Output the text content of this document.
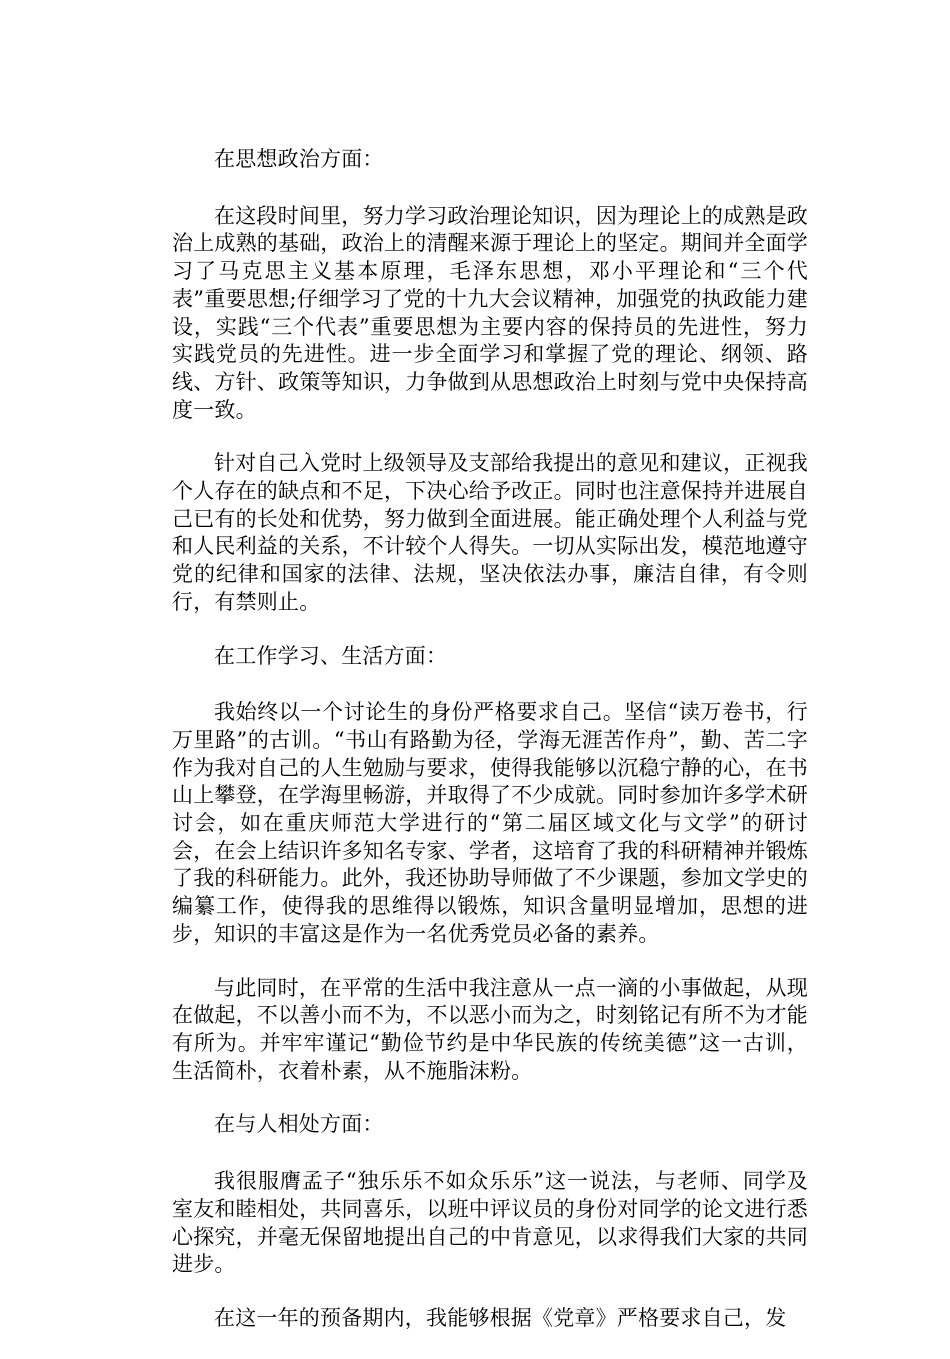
在思想政治方面：

在这段时间里，努力学习政治理论知识，因为理论上的成熟是政治上成熟的基础，政治上的清醒来源于理论上的坚定。期间并全面学习了马克思主义基本原理，毛泽东思想，邓小平理论和“三个代表”重要思想;仔细学习了党的十九大会议精神，加强党的执政能力建设，实践“三个代表”重要思想为主要内容的保持员的先进性，努力实践党员的先进性。进一步全面学习和掌握了党的理论、纲领、路线、方针、政策等知识，力争做到从思想政治上时刻与党中央保持高度一致。

针对自己入党时上级领导及支部给我提出的意见和建议，正视我个人存在的缺点和不足，下决心给予改正。同时也注意保持并进展自己已有的长处和优势，努力做到全面进展。能正确处理个人利益与党和人民利益的关系，不计较个人得失。一切从实际出发，模范地遵守党的纪律和国家的法律、法规，坚决依法办事，廉洁自律，有令则行，有禁则止。

在工作学习、生活方面：

我始终以一个讨论生的身份严格要求自己。坚信“读万卷书，行万里路”的古训。“书山有路勤为径，学海无涯苦作舟”，勤、苦二字作为我对自己的人生勉励与要求，使得我能够以沉稳宁静的心，在书山上攀登，在学海里畅游，并取得了不少成就。同时参加许多学术研讨会，如在重庆师范大学进行的“第二届区域文化与文学”的研讨会，在会上结识许多知名专家、学者，这培育了我的科研精神并锻炼了我的科研能力。此外，我还协助导师做了不少课题，参加文学史的编纂工作，使得我的思维得以锻炼，知识含量明显增加，思想的进步，知识的丰富这是作为一名优秀党员必备的素养。

与此同时，在平常的生活中我注意从一点一滴的小事做起，从现在做起，不以善小而不为，不以恶小而为之，时刻铭记有所不为才能有所为。并牢牢谨记“勤俭节约是中华民族的传统美德”这一古训，生活简朴，衣着朴素，从不施脂沫粉。

在与人相处方面：

我很服膺孟子“独乐乐不如众乐乐”这一说法，与老师、同学及室友和睦相处，共同喜乐，以班中评议员的身份对同学的论文进行悉心探究，并毫无保留地提出自己的中肯意见，以求得我们大家的共同进步。

在这一年的预备期内，我能够根据《党章》严格要求自己，发
